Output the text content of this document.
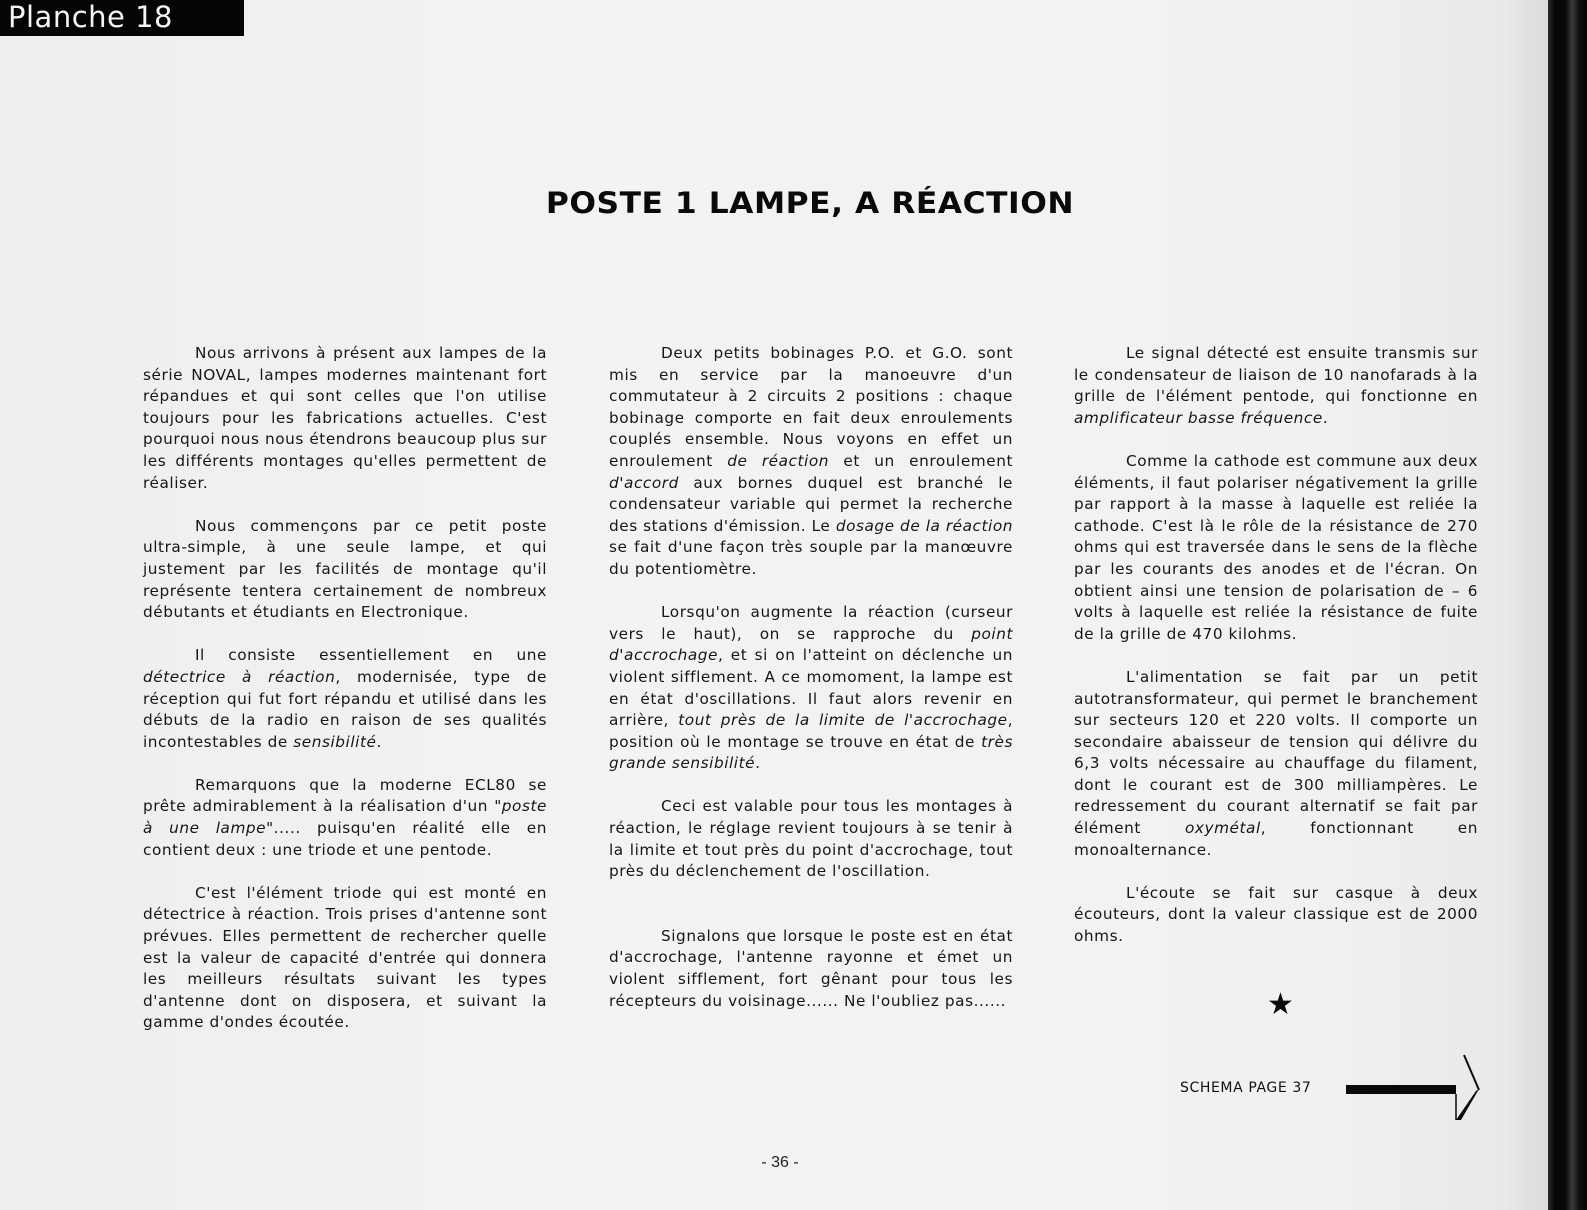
Planche 18
POSTE 1 LAMPE, A RÉACTION

Nous arrivons à présent aux lampes de la série NOVAL, lampes modernes maintenant fort répandues et qui sont celles que l'on utilise toujours pour les fabrications actuelles. C'est pourquoi nous nous étendrons beaucoup plus sur les différents montages qu'elles permettent de réaliser.

Nous commençons par ce petit poste ultra-simple, à une seule lampe, et qui justement par les facilités de montage qu'il représente tentera certainement de nombreux débutants et étudiants en Electronique.

Il consiste essentiellement en une détectrice à réaction, modernisée, type de réception qui fut fort répandu et utilisé dans les débuts de la radio en raison de ses qualités incontestables de sensibilité.

Remarquons que la moderne ECL80 se prête admirablement à la réalisation d'un "poste à une lampe"..... puisqu'en réalité elle en contient deux : une triode et une pentode.

C'est l'élément triode qui est monté en détectrice à réaction. Trois prises d'antenne sont prévues. Elles permettent de rechercher quelle est la valeur de capacité d'entrée qui donnera les meilleurs résultats suivant les types d'antenne dont on disposera, et suivant la gamme d'ondes écoutée.

Deux petits bobinages P.O. et G.O. sont mis en service par la manoeuvre d'un commutateur à 2 circuits 2 positions : chaque bobinage comporte en fait deux enroulements couplés ensemble. Nous voyons en effet un enroulement de réaction et un enroulement d'accord aux bornes duquel est branché le condensateur variable qui permet la recherche des stations d'émission. Le dosage de la réaction se fait d'une façon très souple par la manœuvre du potentiomètre.

Lorsqu'on augmente la réaction (curseur vers le haut), on se rapproche du point d'accrochage, et si on l'atteint on déclenche un violent sifflement. A ce momoment, la lampe est en état d'oscillations. Il faut alors revenir en arrière, tout près de la limite de l'accrochage, position où le montage se trouve en état de très grande sensibilité.

Ceci est valable pour tous les montages à réaction, le réglage revient toujours à se tenir à la limite et tout près du point d'accrochage, tout près du déclenchement de l'oscillation.

Signalons que lorsque le poste est en état d'accrochage, l'antenne rayonne et émet un violent sifflement, fort gênant pour tous les récepteurs du voisinage...... Ne l'oubliez pas......

Le signal détecté est ensuite transmis sur le condensateur de liaison de 10 nanofarads à la grille de l'élément pentode, qui fonctionne en amplificateur basse fréquence.

Comme la cathode est commune aux deux éléments, il faut polariser négativement la grille par rapport à la masse à laquelle est reliée la cathode. C'est là le rôle de la résistance de 270 ohms qui est traversée dans le sens de la flèche par les courants des anodes et de l'écran. On obtient ainsi une tension de polarisation de – 6 volts à laquelle est reliée la résistance de fuite de la grille de 470 kilohms.

L'alimentation se fait par un petit autotransformateur, qui permet le branchement sur secteurs 120 et 220 volts. Il comporte un secondaire abaisseur de tension qui délivre du 6,3 volts nécessaire au chauffage du filament, dont le courant est de 300 milliampères. Le redressement du courant alternatif se fait par élément oxymétal, fonctionnant en monoalternance.

L'écoute se fait sur casque à deux écouteurs, dont la valeur classique est de 2000 ohms.

★
SCHEMA PAGE 37
- 36 -
